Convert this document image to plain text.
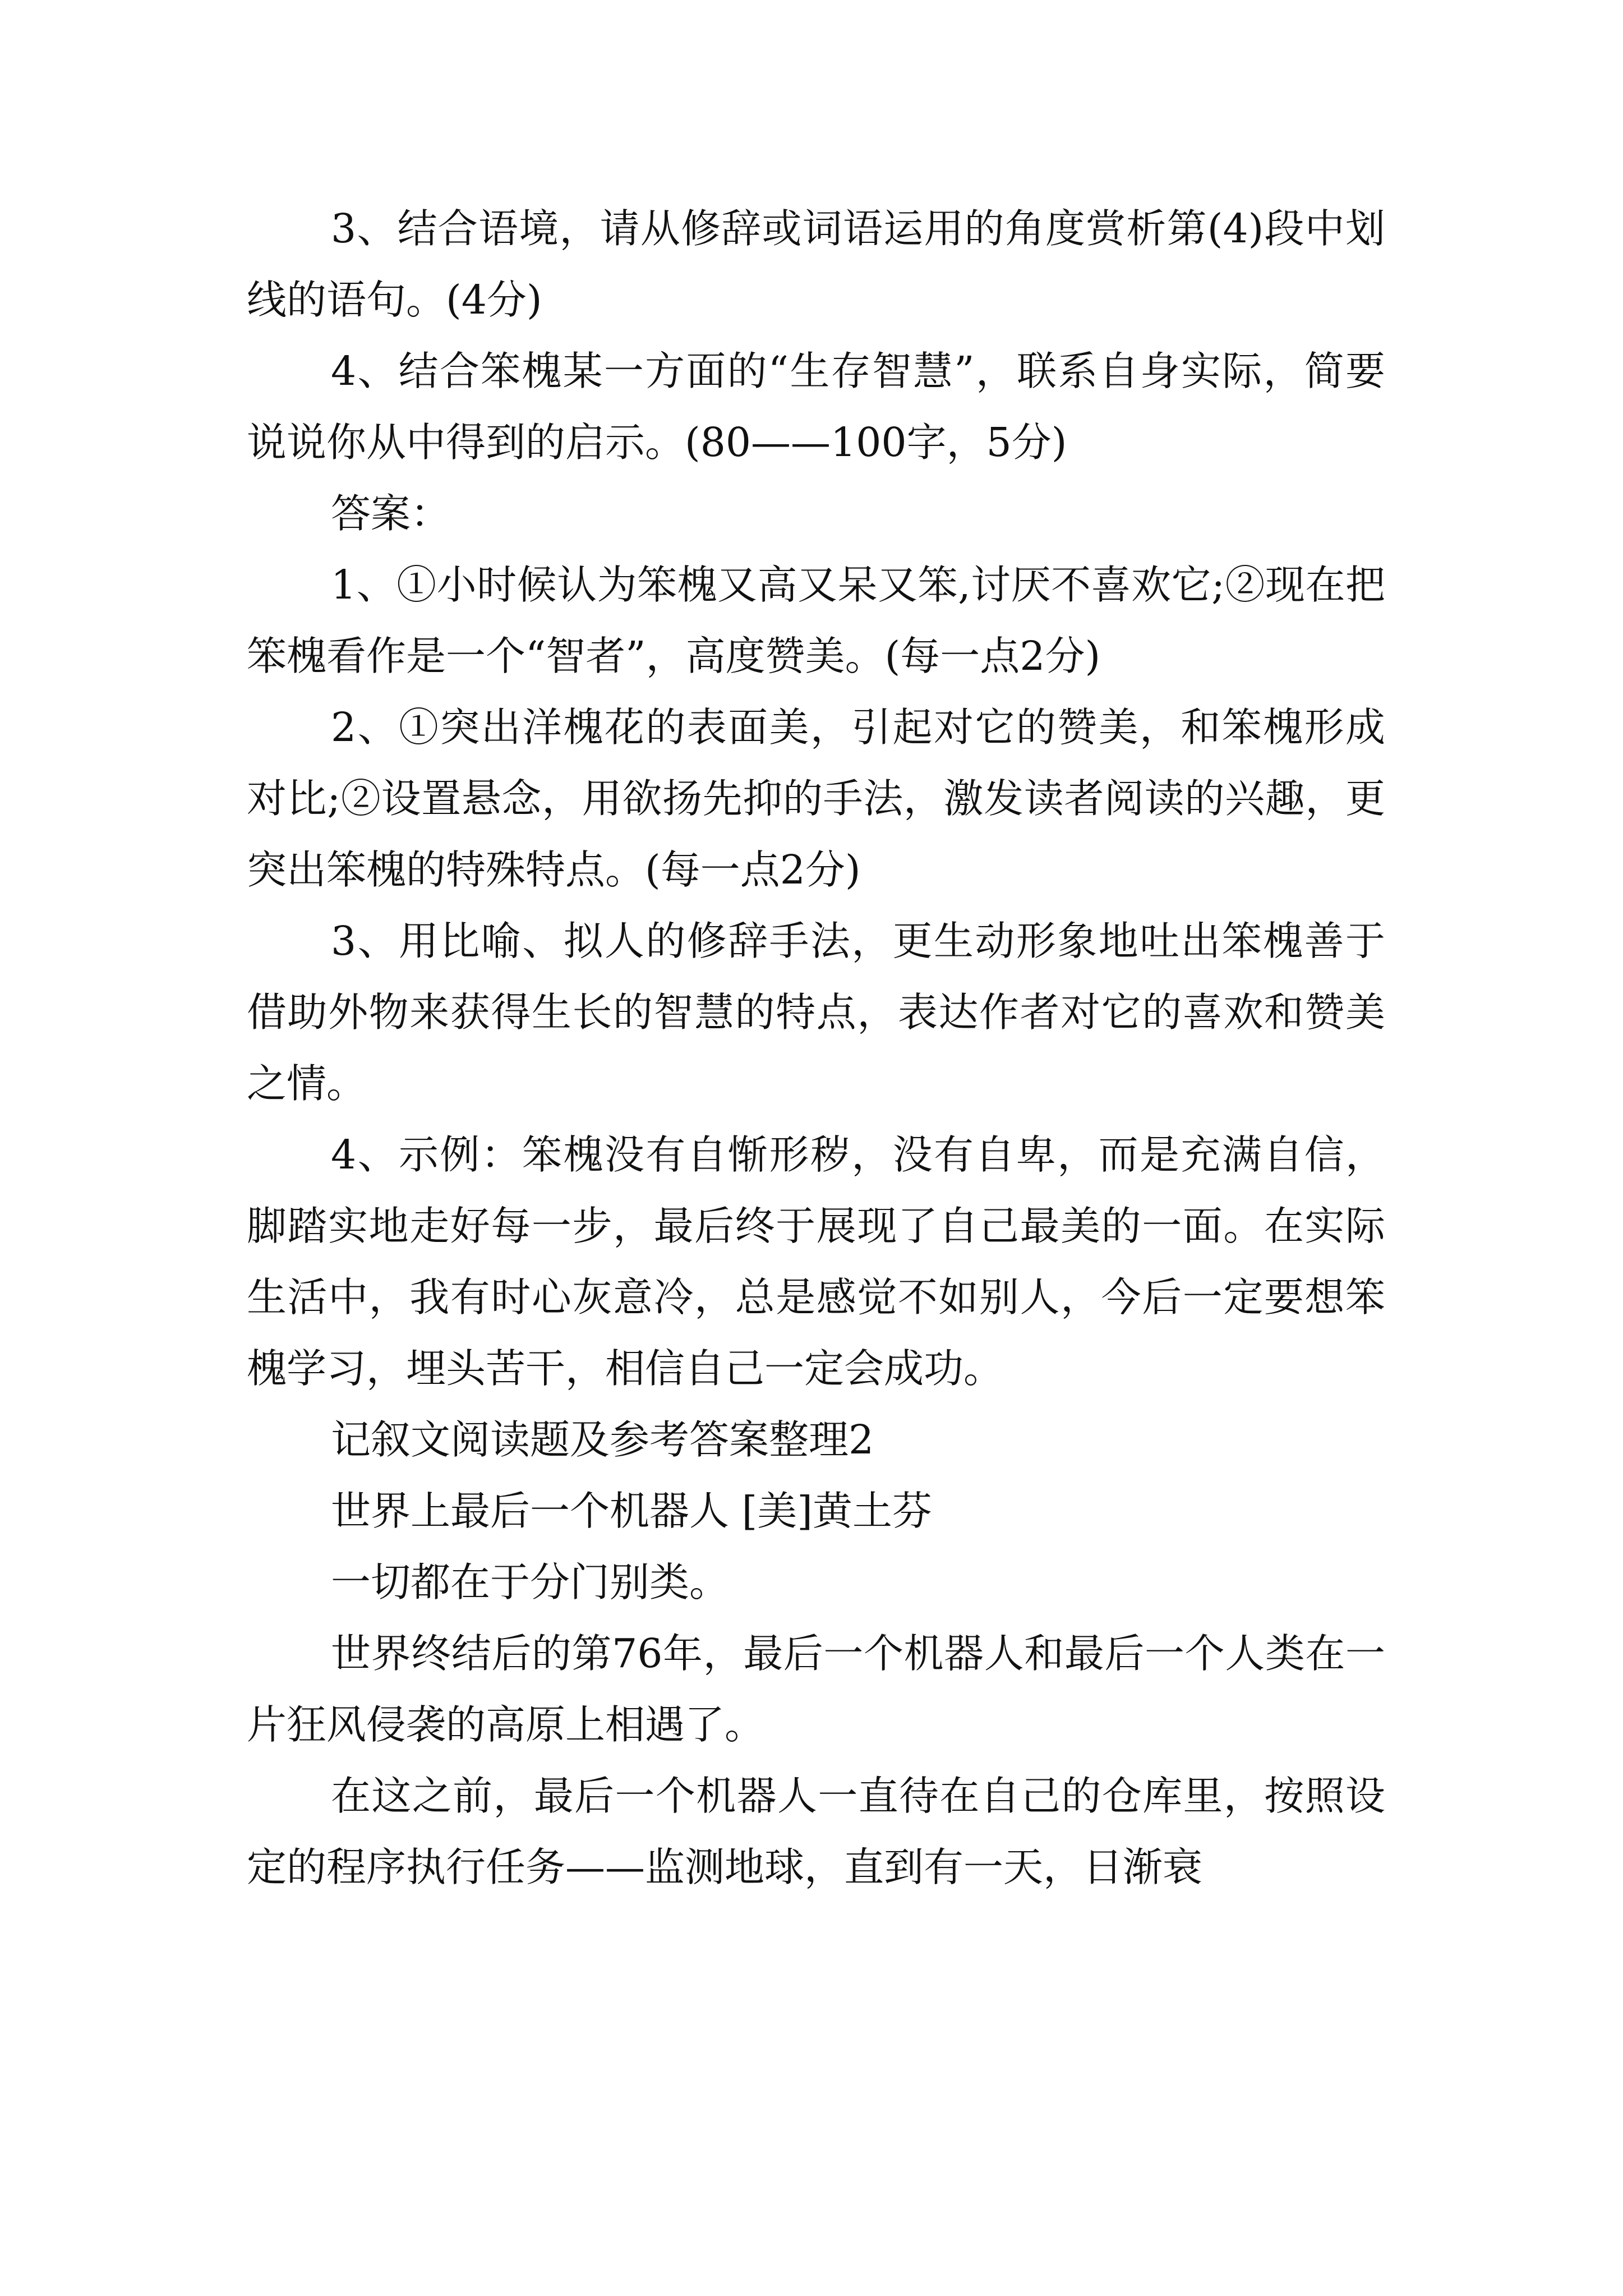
3、结合语境，请从修辞或词语运用的角度赏析第(4)段中划线的语句。(4分)

4、结合笨槐某一方面的“生存智慧”，联系自身实际，简要说说你从中得到的启示。(80——100字，5分)

答案：

1、①小时候认为笨槐又高又呆又笨,讨厌不喜欢它;②现在把笨槐看作是一个“智者”，高度赞美。(每一点2分)

2、①突出洋槐花的表面美，引起对它的赞美，和笨槐形成对比;②设置悬念，用欲扬先抑的手法，激发读者阅读的兴趣，更突出笨槐的特殊特点。(每一点2分)

3、用比喻、拟人的修辞手法，更生动形象地吐出笨槐善于借助外物来获得生长的智慧的特点，表达作者对它的喜欢和赞美之情。

4、示例：笨槐没有自惭形秽，没有自卑，而是充满自信，脚踏实地走好每一步，最后终于展现了自己最美的一面。在实际生活中，我有时心灰意冷，总是感觉不如别人，今后一定要想笨槐学习，埋头苦干，相信自己一定会成功。

记叙文阅读题及参考答案整理2

世界上最后一个机器人 [美]黄土芬

一切都在于分门别类。

世界终结后的第76年，最后一个机器人和最后一个人类在一片狂风侵袭的高原上相遇了。

在这之前，最后一个机器人一直待在自己的仓库里，按照设定的程序执行任务——监测地球，直到有一天，日渐衰
